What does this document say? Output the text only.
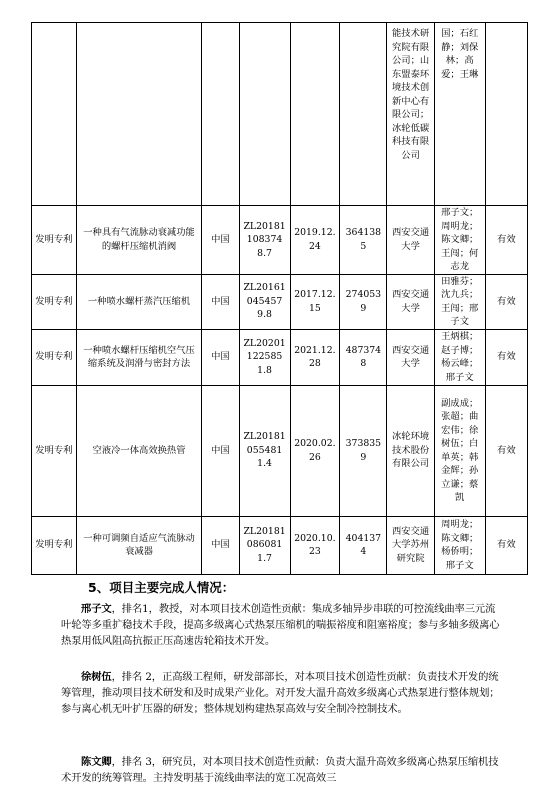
						能技术研究院有限公司；山东盟泰环境技术创新中心有限公司；冰轮低碳科技有限公司	国；石红静；刘保林；高爱；王琳	
发明专利	一种具有气流脉动衰减功能的螺杆压缩机消阀	中国	ZL201811083748.7	2019.12.24	3641385	西安交通大学	邢子文；周明龙；陈文卿；王闯；何志龙	有效
发明专利	一种喷水螺杆蒸汽压缩机	中国	ZL201610454579.8	2017.12.15	2740539	西安交通大学	田雅芬；沈九兵；王闯；邢子文	有效
发明专利	一种喷水螺杆压缩机空气压缩系统及润滑与密封方法	中国	ZL202011225851.8	2021.12.28	4873748	西安交通大学	王炳棋；赵子博；杨云峰；邢子文	有效
发明专利	空液冷一体高效换热管	中国	ZL201810554811.4	2020.02.26	3738359	冰轮环境技术股份有限公司	副成成；张超；曲宏伟；徐树伍；白单英；韩金辉；孙立谦；蔡凯	有效
发明专利	一种可调频自适应气流脉动衰减器	中国	ZL201810860811.7	2020.10.23	4041374	西安交通大学苏州研究院	周明龙；陈文卿；杨侨明；邢子文	有效
5、项目主要完成人情况：

邢子文，排名1，教授，对本项目技术创造性贡献：集成多轴异步串联的可控流线曲率三元流叶轮等多重扩稳技术手段，提高多级离心式热泵压缩机的喘振裕度和阻塞裕度；参与多轴多级离心热泵用低风阻高抗振正压高速齿轮箱技术开发。

徐树伍，排名 2，正高级工程师，研发部部长，对本项目技术创造性贡献：负责技术开发的统筹管理，推动项目技术研发和及时成果产业化。对开发大温升高效多级离心式热泵进行整体规划；参与离心机无叶扩压器的研发；整体规划构建热泵高效与安全制冷控制技术。

陈文卿，排名 3，研究员，对本项目技术创造性贡献：负责大温升高效多级离心热泵压缩机技术开发的统筹管理。主持发明基于流线曲率法的宽工况高效三
